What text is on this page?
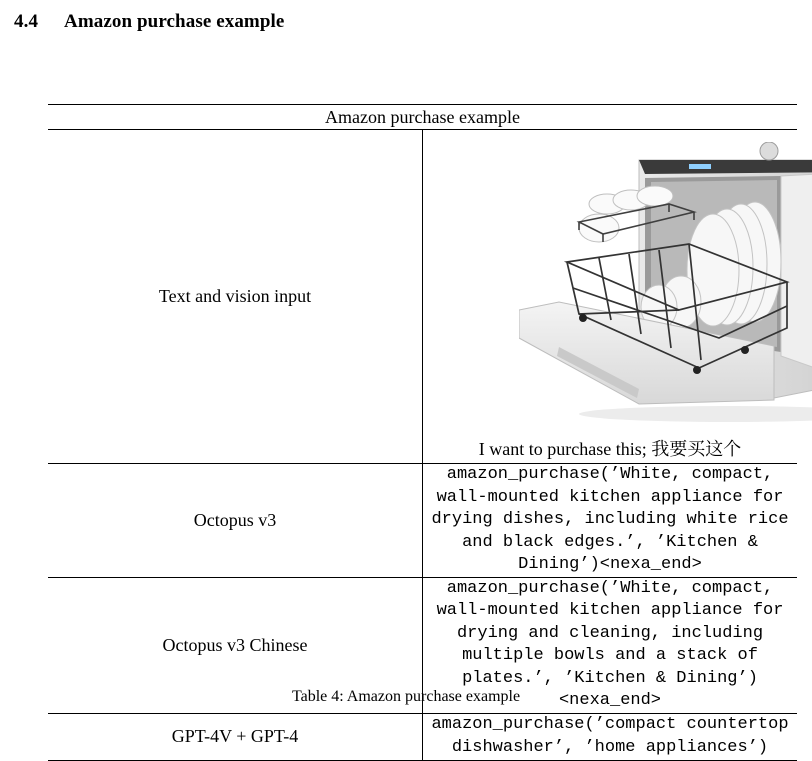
4.4 Amazon purchase example
Amazon purchase example	
Text and vision input	I want to purchase this; 我要买这个

Octopus v3	amazon_purchase(’White, compact, wall-mounted kitchen appliance for drying dishes, including white rice and black edges.’, ’Kitchen & Dining’)<nexa_end>
Octopus v3 Chinese	amazon_purchase(’White, compact, wall-mounted kitchen appliance for drying and cleaning, including multiple bowls and a stack of plates.’, ’Kitchen & Dining’)<nexa_end>
GPT-4V + GPT-4	amazon_purchase(’compact countertop dishwasher’, ’home appliances’)
Table 4: Amazon purchase example
